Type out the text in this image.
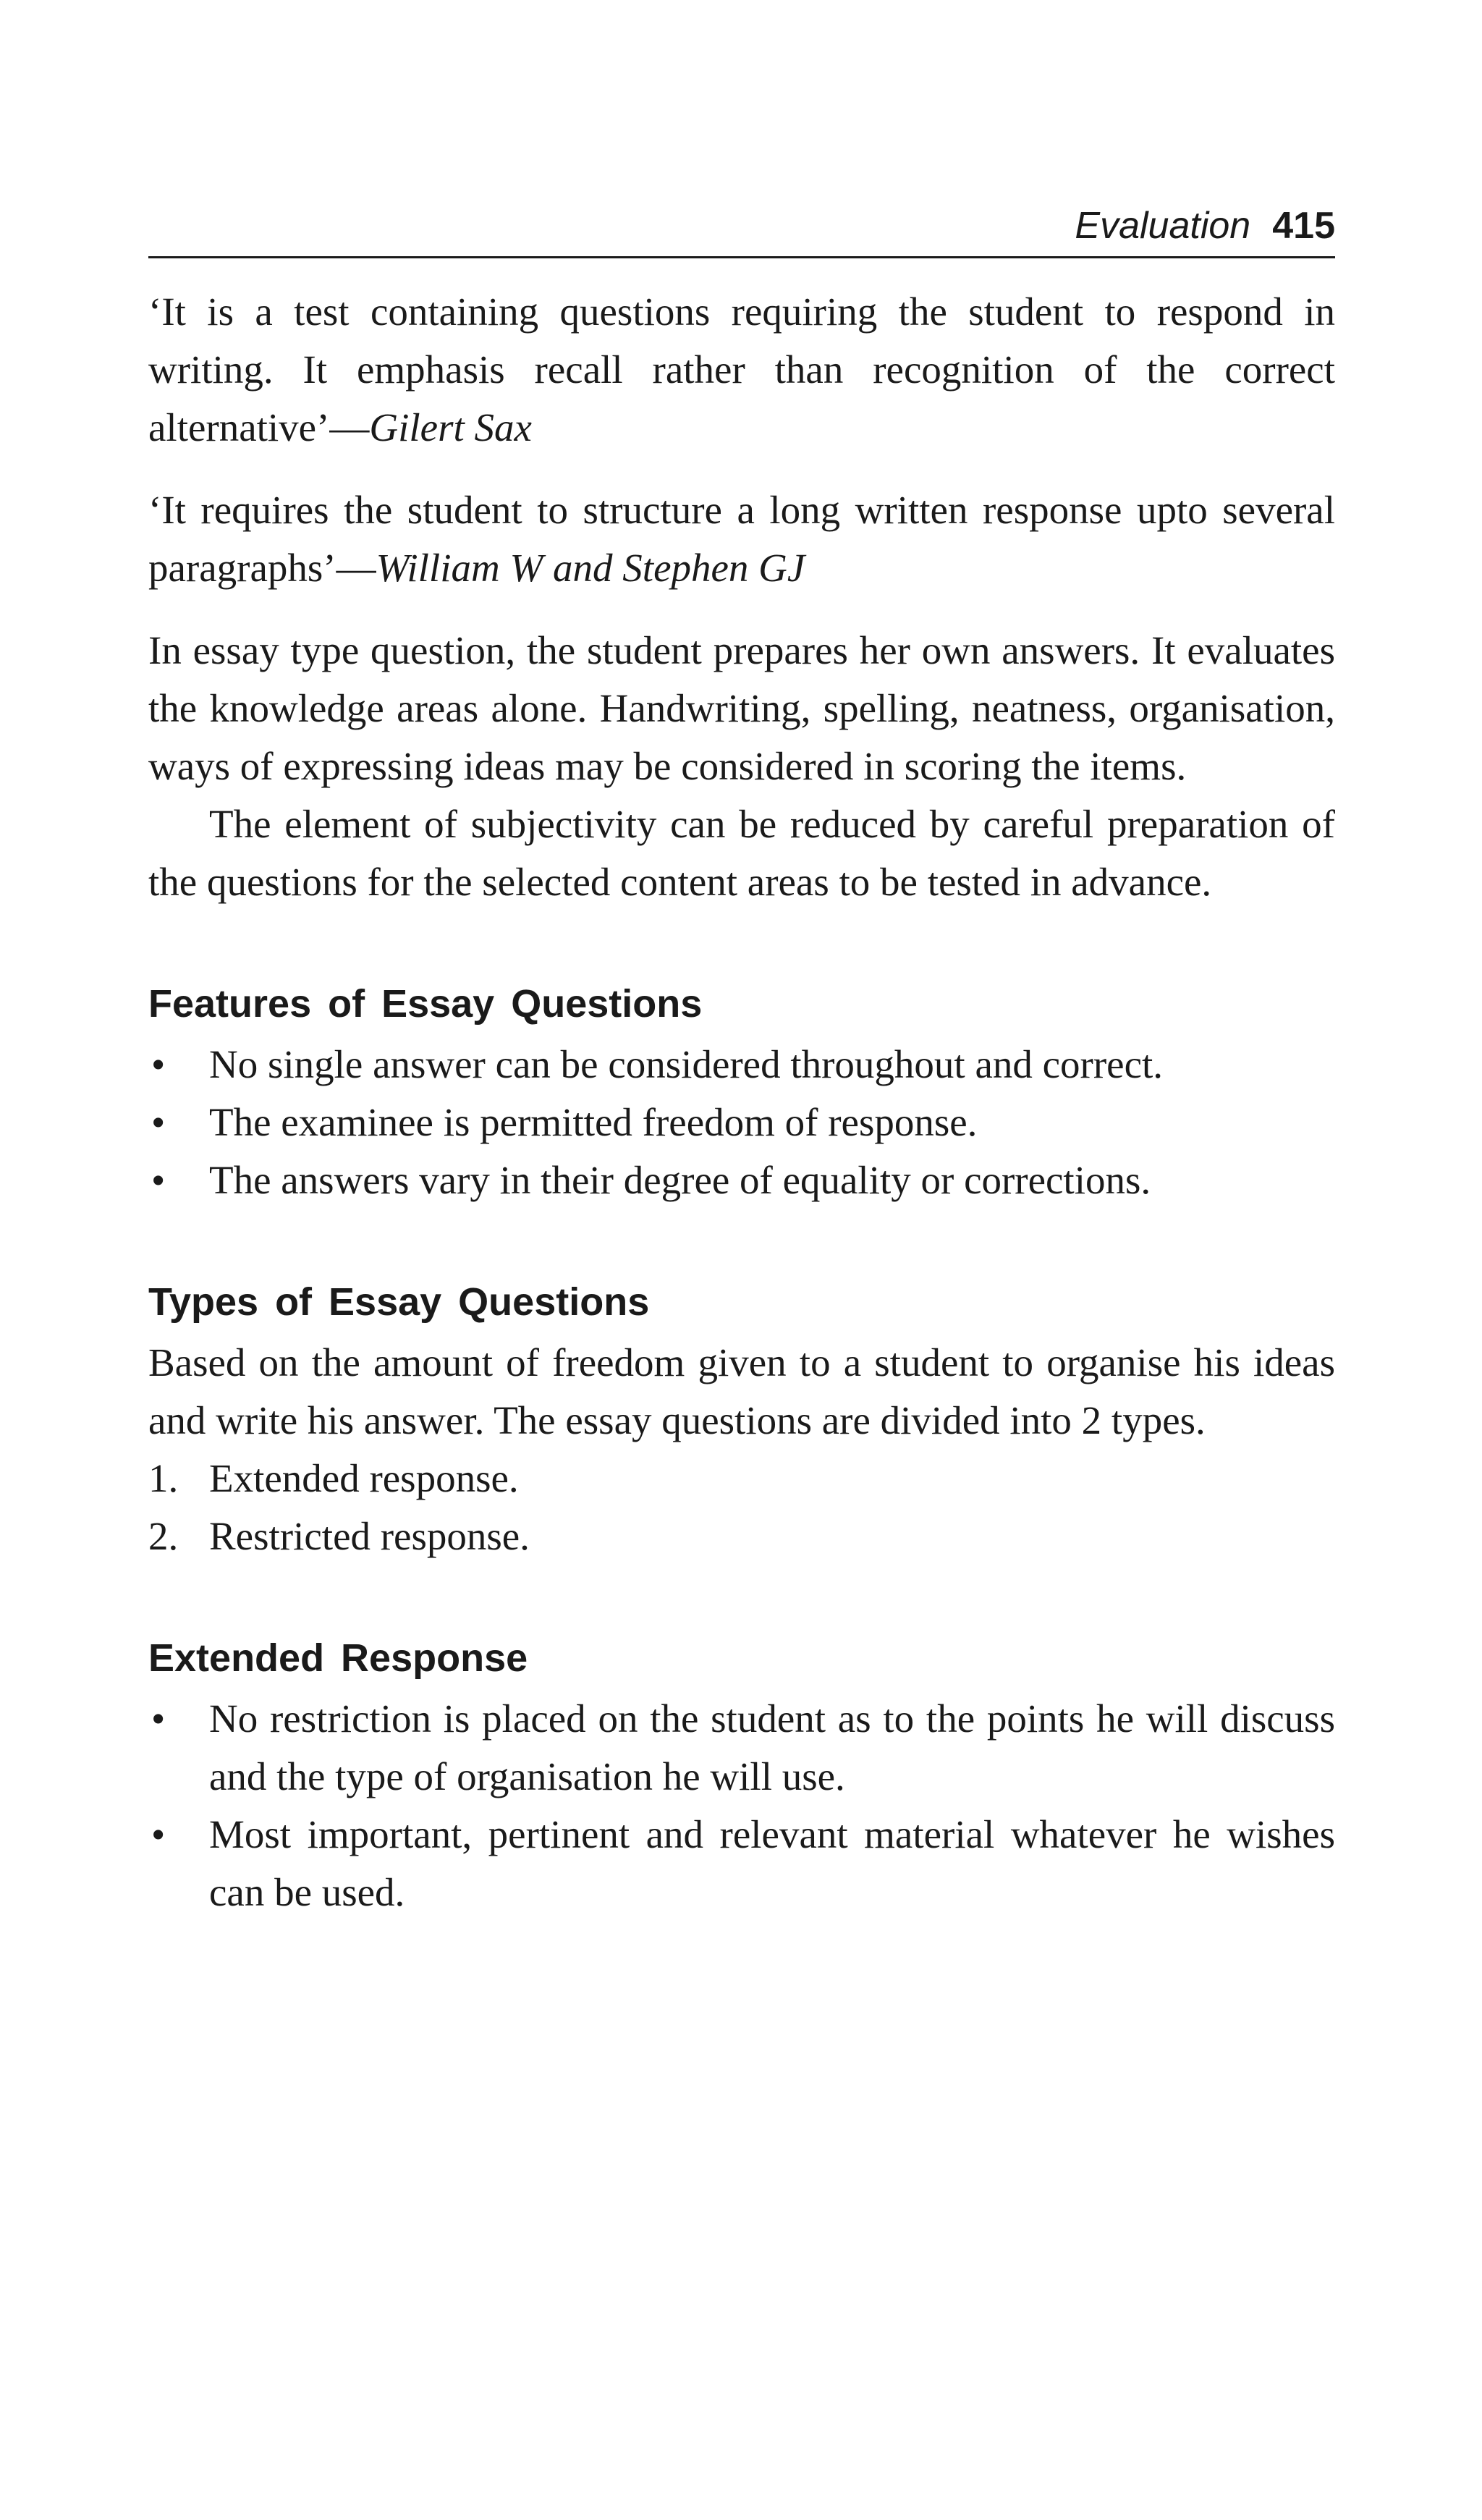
Evaluation 415

‘It is a test containing questions requiring the student to respond in writing. It emphasis recall rather than recognition of the correct alternative’—Gilert Sax

‘It requires the student to structure a long written response upto several paragraphs’—William W and Stephen GJ

In essay type question, the student prepares her own answers. It evaluates the knowledge areas alone. Handwriting, spelling, neatness, organisation, ways of expressing ideas may be considered in scoring the items.

The element of subjectivity can be reduced by careful preparation of the questions for the selected content areas to be tested in advance.

Features of Essay Questions
• No single answer can be considered throughout and correct.
• The examinee is permitted freedom of response.
• The answers vary in their degree of equality or corrections.
Types of Essay Questions

Based on the amount of freedom given to a student to organise his ideas and write his answer. The essay questions are divided into 2 types.

1. Extended response.
2. Restricted response.
Extended Response
• No restriction is placed on the student as to the points he will discuss and the type of organisation he will use.
• Most important, pertinent and relevant material whatever he wishes can be used.
